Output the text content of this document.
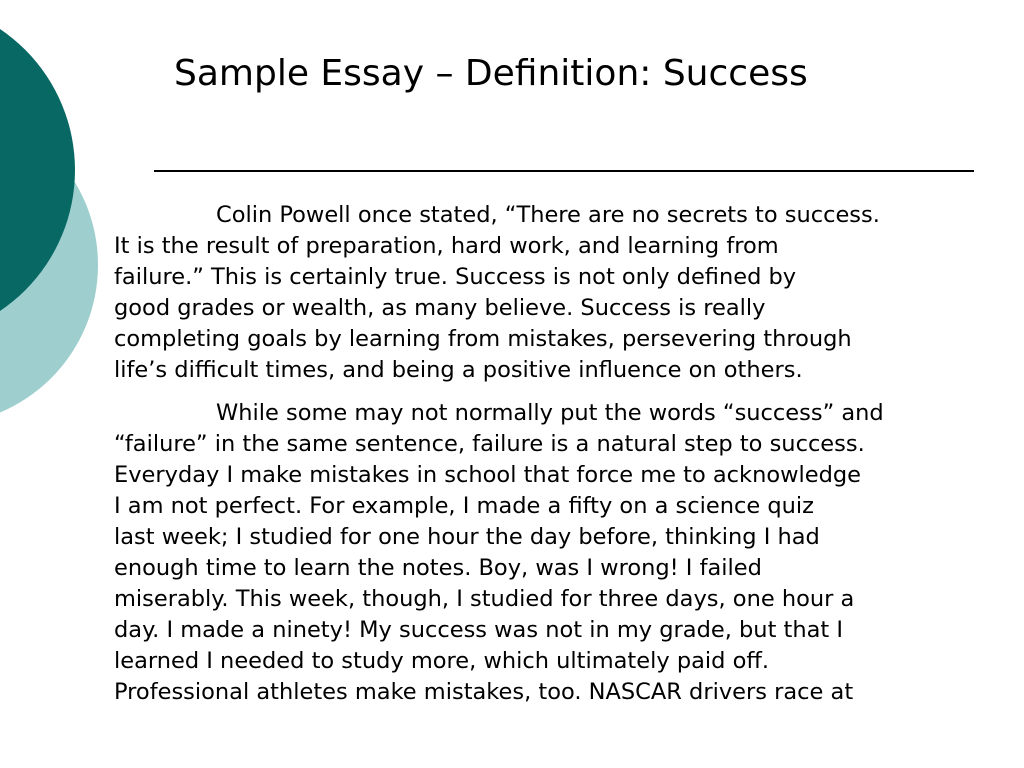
Sample Essay – Definition: Success

Colin Powell once stated, “There are no secrets to success.
It is the result of preparation, hard work, and learning from
failure.” This is certainly true. Success is not only defined by
good grades or wealth, as many believe. Success is really
completing goals by learning from mistakes, persevering through
life’s difficult times, and being a positive influence on others.

While some may not normally put the words “success” and
“failure” in the same sentence, failure is a natural step to success.
Everyday I make mistakes in school that force me to acknowledge
I am not perfect. For example, I made a fifty on a science quiz
last week; I studied for one hour the day before, thinking I had
enough time to learn the notes. Boy, was I wrong! I failed
miserably. This week, though, I studied for three days, one hour a
day. I made a ninety! My success was not in my grade, but that I
learned I needed to study more, which ultimately paid off.
Professional athletes make mistakes, too. NASCAR drivers race at
